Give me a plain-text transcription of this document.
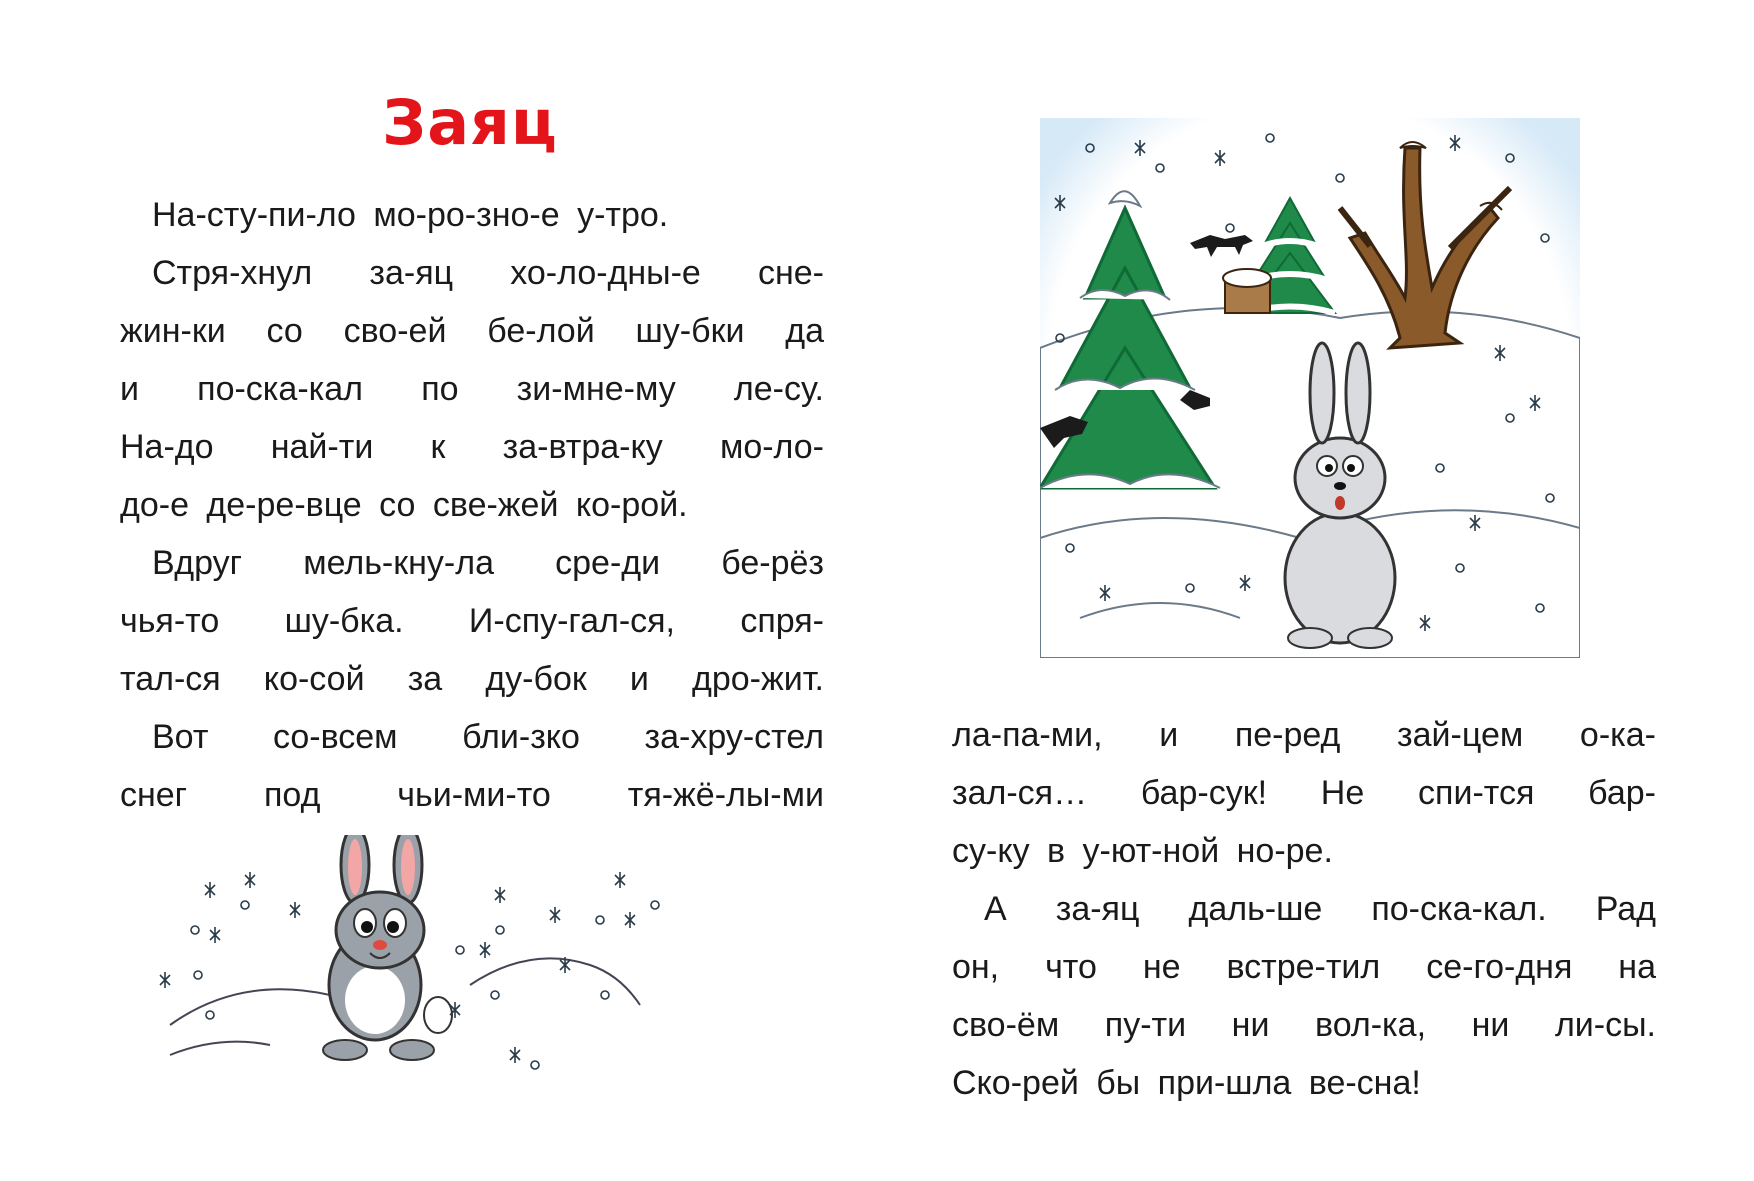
Заяц

На-сту-пи-ло мо-ро-зно-е у-тро.

Стря-хнул за-яц хо-ло-дны-е сне-

жин-ки со сво-ей бе-лой шу-бки да

и по-ска-кал по зи-мне-му ле-су.

На-до най-ти к за-втра-ку мо-ло-

до-е де-ре-вце со све-жей ко-рой.

Вдруг мель-кну-ла сре-ди бе-рёз

чья-то шу-бка. И-спу-гал-ся, спря-

тал-ся ко-сой за ду-бок и дро-жит.

Вот со-всем бли-зко за-хру-стел

снег под чьи-ми-то тя-жё-лы-ми

ла-па-ми, и пе-ред зай-цем о-ка-

зал-ся… бар-сук! Не спи-тся бар-

су-ку в у-ют-ной но-ре.

А за-яц даль-ше по-ска-кал. Рад

он, что не встре-тил се-го-дня на

сво-ём пу-ти ни вол-ка, ни ли-сы.

Ско-рей бы при-шла ве-сна!
